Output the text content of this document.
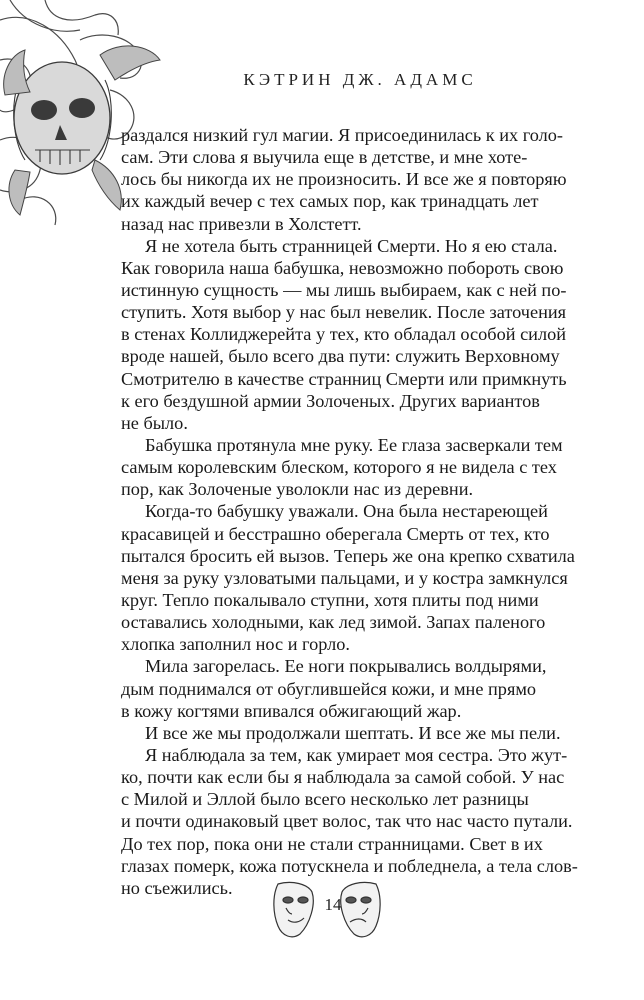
КЭТРИН ДЖ. АДАМС
раздался низкий гул магии. Я присоединилась к их голо-
сам. Эти слова я выучила еще в детстве, и мне хоте-
лось бы никогда их не произносить. И все же я повторяю
их каждый вечер с тех самых пор, как тринадцать лет
назад нас привезли в Холстетт.
Я не хотела быть странницей Смерти. Но я ею стала.
Как говорила наша бабушка, невозможно побороть свою
истинную сущность — мы лишь выбираем, как с ней по-
ступить. Хотя выбор у нас был невелик. После заточения
в стенах Коллиджерейта у тех, кто обладал особой силой
вроде нашей, было всего два пути: служить Верховному
Смотрителю в качестве странниц Смерти или примкнуть
к его бездушной армии Золоченых. Других вариантов
не было.
Бабушка протянула мне руку. Ее глаза засверкали тем
самым королевским блеском, которого я не видела с тех
пор, как Золоченые уволокли нас из деревни.
Когда-то бабушку уважали. Она была нестареющей
красавицей и бесстрашно оберегала Смерть от тех, кто
пытался бросить ей вызов. Теперь же она крепко схватила
меня за руку узловатыми пальцами, и у костра замкнулся
круг. Тепло покалывало ступни, хотя плиты под ними
оставались холодными, как лед зимой. Запах паленого
хлопка заполнил нос и горло.
Мила загорелась. Ее ноги покрывались волдырями,
дым поднимался от обуглившейся кожи, и мне прямо
в кожу когтями впивался обжигающий жар.
И все же мы продолжали шептать. И все же мы пели.
Я наблюдала за тем, как умирает моя сестра. Это жут-
ко, почти как если бы я наблюдала за самой собой. У нас
с Милой и Эллой было всего несколько лет разницы
и почти одинаковый цвет волос, так что нас часто путали.
До тех пор, пока они не стали странницами. Свет в их
глазах померк, кожа потускнела и побледнела, а тела слов-
но съежились.
14
